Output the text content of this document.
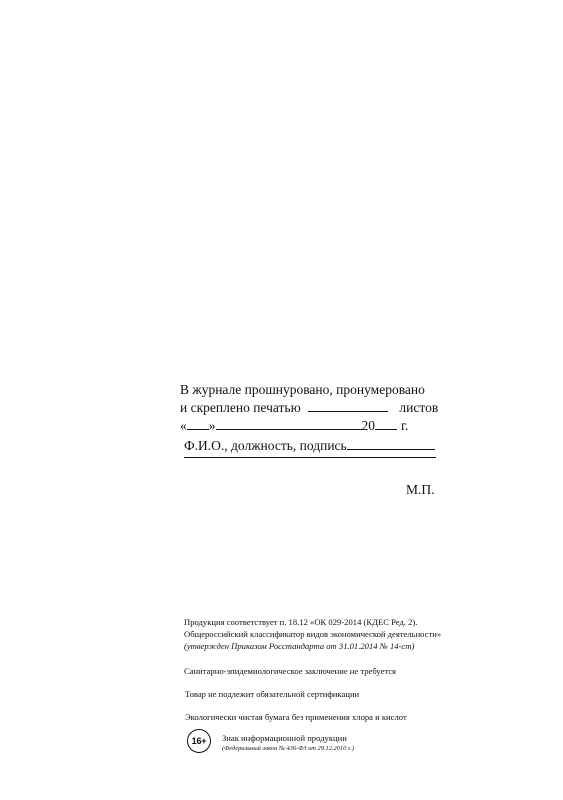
В журнале прошнуровано, пронумеровано
и скреплено печатью	листов
« »	20 г.
Ф.И.О., должность, подпись
М.П.
Продукция соответствует п. 18.12 «ОК 029-2014 (КДЕС Ред. 2).
Общероссийский классификатор видов экономической деятельности»
(утвержден Приказом Росстандарта от 31.01.2014 № 14-ст)
Санитарно-эпидемиологическое заключение не требуется
Товар не подлежит обязательной сертификации
Экологически чистая бумага без применения хлора и кислот
16+	Знак информационной продукции
(Федеральный закон № 436-ФЗ от 29.12.2010 г.)
